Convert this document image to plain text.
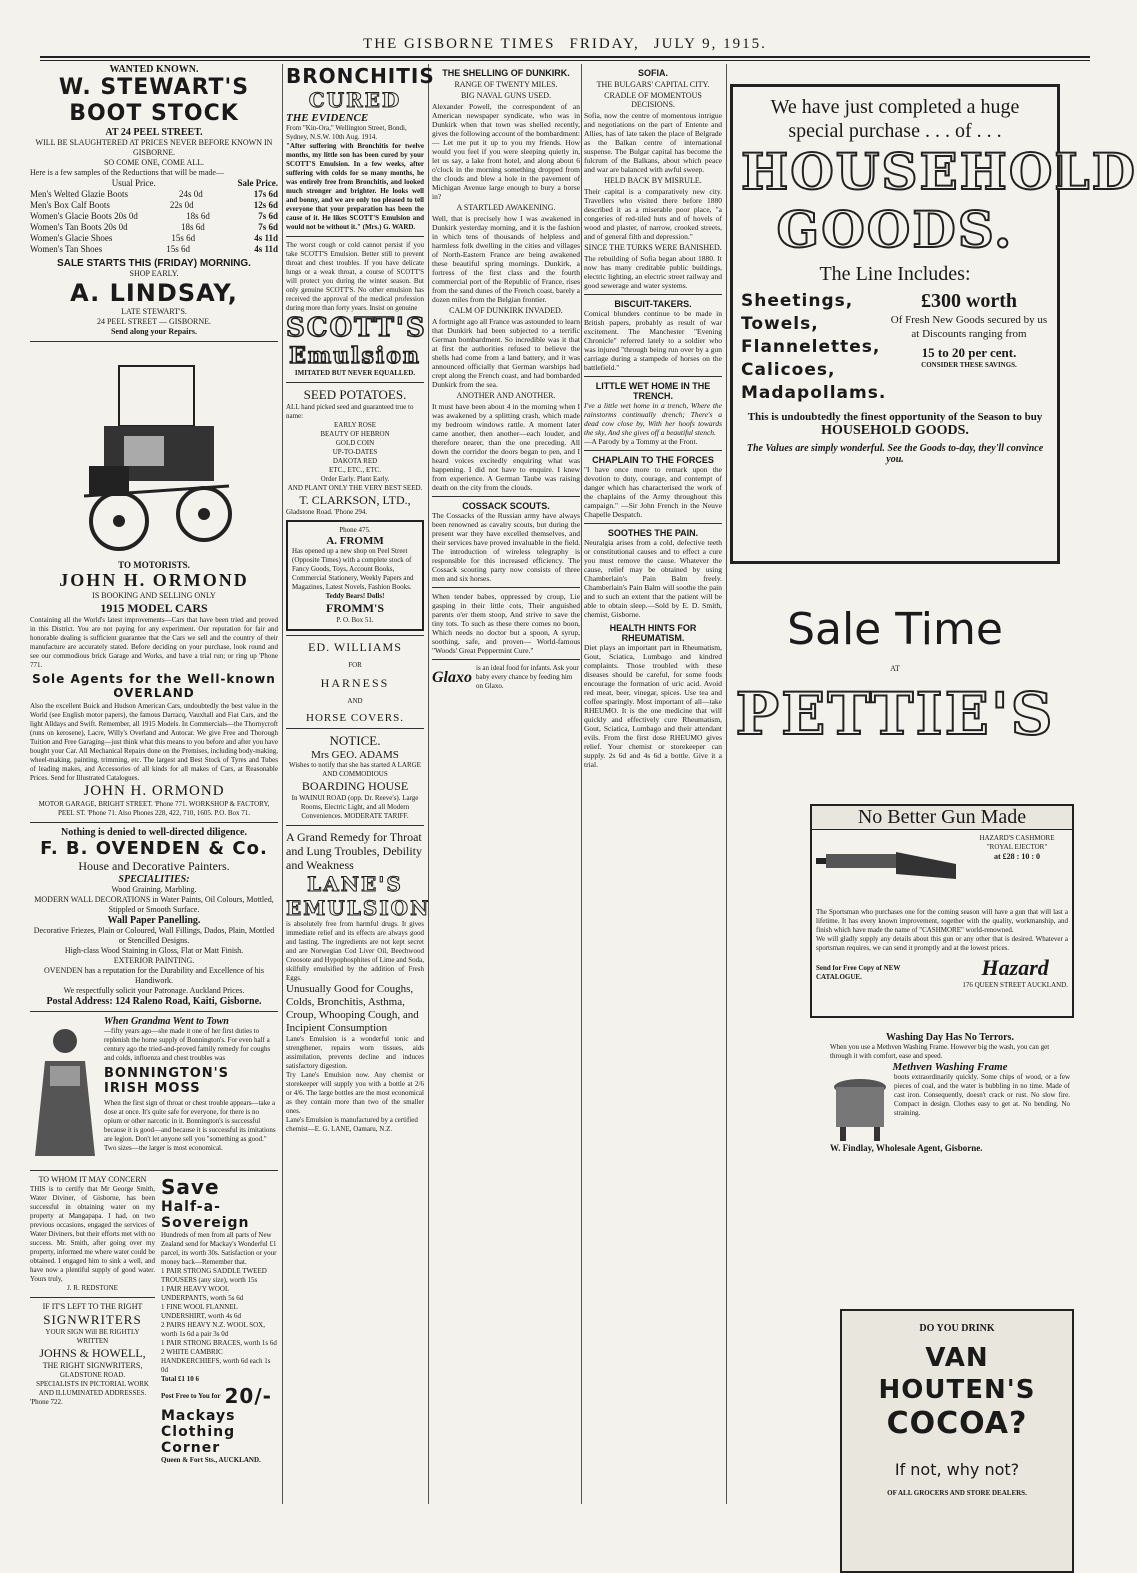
THE GISBORNE TIMES FRIDAY, JULY 9, 1915.
WANTED KNOWN.
W. STEWART'S BOOT STOCK
AT 24 PEEL STREET.
WILL BE SLAUGHTERED AT PRICES NEVER BEFORE KNOWN IN GISBORNE.
SO COME ONE, COME ALL.
Here is a few samples of the Reductions that will be made—
Usual Price.	Sale Price.
Men's Welted Glazie Boots	24s 0d	17s 6d
Men's Box Calf Boots	22s 0d	12s 6d
Women's Glacie Boots 20s 0d	18s 6d	7s 6d
Women's Tan Boots 20s 0d	18s 6d	7s 6d
Women's Glacie Shoes	15s 6d	4s 11d
Women's Tan Shoes	15s 6d	4s 11d
SALE STARTS THIS (FRIDAY) MORNING.
SHOP EARLY.
A. LINDSAY,
LATE STEWART'S.
24 PEEL STREET — GISBORNE.
Send along your Repairs.
TO MOTORISTS.
JOHN H. ORMOND
IS BOOKING AND SELLING ONLY
1915 MODEL CARS
Containing all the World's latest improvements—Cars that have been tried and proved in this District. You are not paying for any experiment. Our reputation for fair and honorable dealing is sufficient guarantee that the Cars we sell and the country of their manufacture are accurately stated. Before deciding on your purchase, look round and see our commodious brick Garage and Works, and have a trial run; or ring up 'Phone 771.
Sole Agents for the Well-known OVERLAND
Also the excellent Buick and Hudson American Cars, undoubtedly the best value in the World (see English motor papers), the famous Darracq, Vauxhall and Fiat Cars, and the light Alldays and Swift. Remember, all 1915 Models. In Commercials—the Thornycroft (runs on kerosene), Lacre, Willy's Overland and Autocar. We give Free and Thorough Tuition and Free Garaging—just think what this means to you before and after you have bought your Car. All Mechanical Repairs done on the Premises, including body-making, wheel-making, painting, trimming, etc. The largest and Best Stock of Tyres and Tubes of leading makes, and Accessories of all kinds for all makes of Cars, at Reasonable Prices. Send for Illustrated Catalogues.
JOHN H. ORMOND
MOTOR GARAGE, BRIGHT STREET. 'Phone 771. WORKSHOP & FACTORY, PEEL ST. 'Phone 71. Also Phones 228, 422, 710, 1605. P.O. Box 71.
Nothing is denied to well-directed diligence.
F. B. OVENDEN & Co.
House and Decorative Painters.
SPECIALITIES:
Wood Graining. Marbling.
MODERN WALL DECORATIONS in Water Paints, Oil Colours, Mottled, Stippled or Smooth Surface.
Wall Paper Panelling.
Decorative Friezes, Plain or Coloured, Wall Fillings, Dados, Plain, Mottled or Stencilled Designs.
High-class Wood Staining in Gloss, Flat or Matt Finish.
EXTERIOR PAINTING.
OVENDEN has a reputation for the Durability and Excellence of his Handiwork.
We respectfully solicit your Patronage. Auckland Prices.
Postal Address: 124 Raleno Road, Kaiti, Gisborne.
When Grandma Went to Town
—fifty years ago—she made it one of her first duties to replenish the home supply of Bonnington's. For even half a century ago the tried-and-proved family remedy for coughs and colds, influenza and chest troubles was
BONNINGTON'S IRISH MOSS
When the first sign of throat or chest trouble appears—take a dose at once. It's quite safe for everyone, for there is no opium or other narcotic in it. Bonnington's is successful because it is good—and because it is successful its imitations are legion. Don't let anyone sell you "something as good." Two sizes—the larger is most economical.
TO WHOM IT MAY CONCERN
THIS is to certify that Mr George Smith, Water Diviner, of Gisborne, has been successful in obtaining water on my property at Mangapapa. I had, on two previous occasions, engaged the services of Water Diviners, but their efforts met with no success. Mr. Smith, after going over my property, informed me where water could be obtained. I engaged him to sink a well, and have now a plentiful supply of good water. Yours truly,
J. R. REDSTONE
IF IT'S LEFT TO THE RIGHT
SIGNWRITERS
YOUR SIGN Will BE RIGHTLY WRITTEN
JOHNS & HOWELL,
THE RIGHT SIGNWRITERS,
GLADSTONE ROAD.
SPECIALISTS IN PICTORIAL WORK AND ILLUMINATED ADDRESSES.
'Phone 722.
Save
Half-a-Sovereign
Hundreds of men from all parts of New Zealand send for Mackay's Wonderful £1 parcel, its worth 30s. Satisfaction or your money back—Remember that.
1 PAIR STRONG SADDLE TWEED TROUSERS (any size), worth 15s
1 PAIR HEAVY WOOL UNDERPANTS, worth 5s 6d
1 FINE WOOL FLANNEL UNDERSHIRT, worth 4s 6d
2 PAIRS HEAVY N.Z. WOOL SOX, worth 1s 6d a pair 3s 0d
1 PAIR STRONG BRACES, worth 1s 6d
2 WHITE CAMBRIC HANDKERCHIEFS, worth 6d each 1s 0d
Total £1 10 6
Post Free to You for 20/-
Mackays Clothing Corner
Queen & Fort Sts., AUCKLAND.
BRONCHITIS
CURED
THE EVIDENCE
From "Kin-Ora," Wellington Street, Bondi, Sydney, N.S.W. 10th Aug. 1914.
"After suffering with Bronchitis for twelve months, my little son has been cured by your SCOTT'S Emulsion. In a few weeks, after suffering with colds for so many months, he was entirely free from Bronchitis, and looked much stronger and brighter. He looks well and bonny, and we are only too pleased to tell everyone that your preparation has been the cause of it. He likes SCOTT'S Emulsion and would not be without it." (Mrs.) G. WARD.
The worst cough or cold cannot persist if you take SCOTT'S Emulsion. Better still to prevent throat and chest troubles. If you have delicate lungs or a weak throat, a course of SCOTT'S will protect you during the winter season. But only genuine SCOTT'S. No other emulsion has received the approval of the medical profession during more than forty years. Insist on genuine
SCOTT'S
Emulsion
IMITATED BUT NEVER EQUALLED.
SEED POTATOES.
ALL hand picked seed and guaranteed true to name:
EARLY ROSE
BEAUTY OF HEBRON
GOLD COIN
UP-TO-DATES
DAKOTA RED
ETC., ETC., ETC.
Order Early. Plant Early.
AND PLANT ONLY THE VERY BEST SEED.
T. CLARKSON, LTD.,
Gladstone Road. 'Phone 294.
Phone 475.
A. FROMM
Has opened up a new shop on Peel Street (Opposite Times) with a complete stock of Fancy Goods, Toys, Account Books, Commercial Stationery, Weekly Papers and Magazines, Latest Novels, Fashion Books.
Teddy Bears! Dolls!
FROMM'S
P. O. Box 51.
ED. WILLIAMS
FOR
HARNESS
AND
HORSE COVERS.
NOTICE.
Mrs GEO. ADAMS
Wishes to notify that she has started A LARGE AND COMMODIOUS
BOARDING HOUSE
In WAINUI ROAD (opp. Dr. Reeve's). Large Rooms, Electric Light, and all Modern Conveniences. MODERATE TARIFF.
A Grand Remedy for Throat and Lung Troubles, Debility and Weakness
LANE'S EMULSION
is absolutely free from harmful drugs. It gives immediate relief and its effects are always good and lasting. The ingredients are not kept secret and are Norwegian Cod Liver Oil, Beechwood Creosote and Hypophosphites of Lime and Soda, skilfully emulsified by the addition of Fresh Eggs.
Unusually Good for Coughs, Colds, Bronchitis, Asthma, Croup, Whooping Cough, and Incipient Consumption
Lane's Emulsion is a wonderful tonic and strengthener, repairs worn tissues, aids assimilation, prevents decline and induces satisfactory digestion.
Try Lane's Emulsion now. Any chemist or storekeeper will supply you with a bottle at 2/6 or 4/6. The large bottles are the most economical as they contain more than two of the smaller ones.
Lane's Emulsion is manufactured by a certified chemist—E. G. LANE, Oamaru, N.Z.
THE SHELLING OF DUNKIRK.
RANGE OF TWENTY MILES.
BIG NAVAL GUNS USED.
Alexander Powell, the correspondent of an American newspaper syndicate, who was in Dunkirk when that town was shelled recently, gives the following account of the bombardment:— Let me put it up to you my friends. How would you feel if you were sleeping quietly in, let us say, a lake front hotel, and along about 6 o'clock in the morning something dropped from the clouds and blew a hole in the pavement of Michigan Avenue large enough to bury a horse in?
A STARTLED AWAKENING.
Well, that is precisely how I was awakened in Dunkirk yesterday morning, and it is the fashion in which tens of thousands of helpless and harmless folk dwelling in the cities and villages of North-Eastern France are being awakened these beautiful spring mornings. Dunkirk, a fortress of the first class and the fourth commercial port of the Republic of France, rises from the sand dunes of the French coast, barely a dozen miles from the Belgian frontier.
CALM OF DUNKIRK INVADED.
A fortnight ago all France was astounded to learn that Dunkirk had been subjected to a terrific German bombardment. So incredible was it that at first the authorities refused to believe the shells had come from a land battery, and it was announced officially that German warships had crept along the French coast, and had bombarded Dunkirk from the sea.
ANOTHER AND ANOTHER.
It must have been about 4 in the morning when I was awakened by a splitting crash, which made my bedroom windows rattle. A moment later came another, then another—each louder, and therefore nearer, than the one preceding. All down the corridor the doors began to pen, and I heard voices excitedly enquiring what was happening. I did not have to enquire. I knew from experience. A German Taube was raising death on the city from the clouds.
COSSACK SCOUTS.
The Cossacks of the Russian army have always been renowned as cavalry scouts, but during the present war they have excelled themselves, and their services have proved invaluable in the field. The introduction of wireless telegraphy is responsible for this increased efficiency. The Cossack scouting party now consists of three men and six horses.
When tender babes, oppressed by croup, Lie gasping in their little cots, Their anguished parents o'er them stoop, And strive to save the tiny tots. To such as these there comes no boon, Which needs no doctor but a spoon, A syrup, soothing, safe, and proven— World-famous "Woods' Great Peppermint Cure."
Glaxo
is an ideal food for infants. Ask your baby every chance by feeding him on Glaxo.
SOFIA.
THE BULGARS' CAPITAL CITY.
CRADLE OF MOMENTOUS DECISIONS.
Sofia, now the centre of momentous intrigue and negotiations on the part of Entente and Allies, has of late taken the place of Belgrade as the Balkan centre of international suspense. The Bulgar capital has become the fulcrum of the Balkans, about which peace and war are balanced with awful sweep.
HELD BACK BY MISRULE.
Their capital is a comparatively new city. Travellers who visited there before 1880 described it as a miserable poor place, "a congeries of red-tiled huts and of hovels of wood and plaster, of narrow, crooked streets, and of general filth and depression."
SINCE THE TURKS WERE BANISHED.
The rebuilding of Sofia began about 1880. It now has many creditable public buildings, electric lighting, an electric street railway and good sewerage and water systems.
BISCUIT-TAKERS.
Comical blunders continue to be made in British papers, probably as result of war excitement. The Manchester "Evening Chronicle" referred lately to a soldier who was injured "through being run over by a gun carriage during a stampede of horses on the battlefield."
LITTLE WET HOME IN THE TRENCH.
I've a little wet home in a trench, Where the rainstorms continually drench; There's a dead cow close by, With her hoofs towards the sky, And she gives off a beautiful stench.
—A Parody by a Tommy at the Front.
CHAPLAIN TO THE FORCES
"I have once more to remark upon the devotion to duty, courage, and contempt of danger which has characterised the work of the chaplains of the Army throughout this campaign." —Sir John French in the Neuve Chapelle Despatch.
SOOTHES THE PAIN.
Neuralgia arises from a cold, defective teeth or constitutional causes and to effect a cure you must remove the cause. Whatever the cause, relief may be obtained by using Chamberlain's Pain Balm freely. Chamberlain's Pain Balm will soothe the pain and to such an extent that the patient will be able to obtain sleep.—Sold by E. D. Smith, chemist, Gisborne.
HEALTH HINTS FOR RHEUMATISM.
Diet plays an important part in Rheumatism, Gout, Sciatica, Lumbago and kindred complaints. Those troubled with these diseases should be careful, for some foods encourage the formation of uric acid. Avoid red meat, beer, vinegar, spices. Use tea and coffee sparingly. Most important of all—take RHEUMO. It is the one medicine that will quickly and effectively cure Rheumatism, Gout, Sciatica, Lumbago and their attendant evils. From the first dose RHEUMO gives relief. Your chemist or storekeeper can supply. 2s 6d and 4s 6d a bottle. Give it a trial.
We have just completed a huge special purchase . . . of . . .
HOUSEHOLD
GOODS.
The Line Includes:
Sheetings,
Towels,
Flannelettes,
Calicoes,
Madapollams.
£300 worth
Of Fresh New Goods secured by us at Discounts ranging from
15 to 20 per cent.
CONSIDER THESE SAVINGS.
This is undoubtedly the finest opportunity of the Season to buy
HOUSEHOLD GOODS.
The Values are simply wonderful. See the Goods to-day, they'll convince you.
Sale Time
AT
PETTIE'S
No Better Gun Made
HAZARD'S CASHMORE "ROYAL EJECTOR"
at £28 : 10 : 0
The Sportsman who purchases one for the coming season will have a gun that will last a lifetime. It has every known improvement, together with the quality, workmanship, and finish which have made the name of "CASHMORE" world-renowned.
We will gladly supply any details about this gun or any other that is desired. Whatever a sportsman requires, we can send it promptly and at the lowest prices.
Send for Free Copy of NEW CATALOGUE.	Hazard
176 QUEEN STREET AUCKLAND.
Washing Day Has No Terrors.
When you use a Methven Washing Frame. However big the wash, you can get through it with comfort, ease and speed.
Methven Washing Frame
boots extraordinarily quickly. Some chips of wood, or a few pieces of coal, and the water is bubbling in no time. Made of cast iron. Consequently, doesn't crack or rust. No slow fire. Compact in design. Clothes easy to get at. No bending. No straining.
W. Findlay, Wholesale Agent, Gisborne.
DO YOU DRINK
VAN HOUTEN'S
COCOA?
If not, why not?
OF ALL GROCERS AND STORE DEALERS.
